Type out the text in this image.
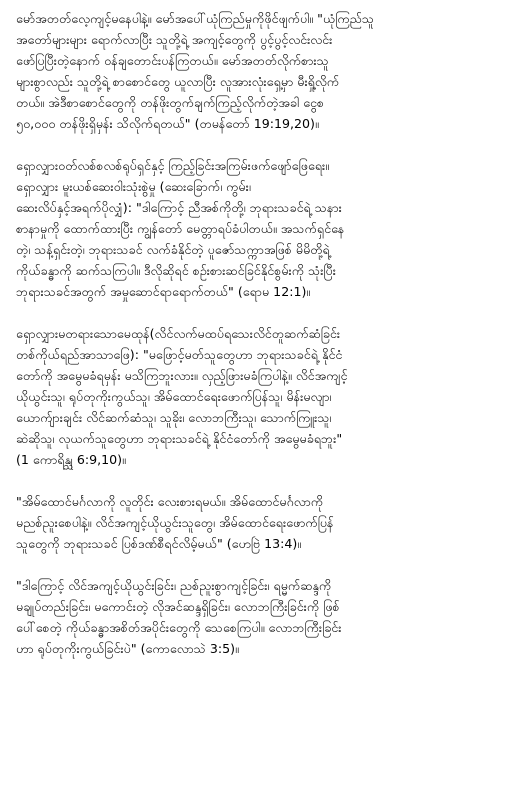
မော်အတတ်လေ့ကျင့်မနေပါနဲ့။ မော်အပေါ်ယုံကြည်မှုကိုဖိုင်ဖျက်ပါ။ "ယုံကြည်သူ
အတော်များများ ရောက်လာပြီး သူတို့ရဲ့ အကျင့်တွေကို ပွင့်ပွင့်လင်းလင်း
ဖော်ပြပြီးတဲ့နောက် ဝန်ချတောင်းပန်ကြတယ်။ မော်အတတ်လိုက်စားသူ
များစွာလည်း သူတို့ရဲ့ စာစောင်တွေ ယူလာပြီး လူအားလုံးရှေ့မှာ မီးရှို့လိုက်
တယ်။ အဲဒီစာစောင်တွေကို တန်ဖိုးတွက်ချက်ကြည့်လိုက်တဲ့အခါ ငွေစ
၅၀,၀၀၀ တန်ဖိုးရှိမှန်း သိလိုက်ရတယ်" (တမန်တော် 19:19,20)။

ရှောလျှားဝတ်လစ်စလစ်ရုပ်ရှင်နှင့် ကြည့်ခြင်းအကြမ်းဖက်ဖျော်ဖြေရေး။
ရှောလျှား မူးယစ်ဆေးဝါးသုံးစွဲမှု (ဆေးခြောက်၊ ကွမ်း၊
ဆေးလိပ်နှင့်အရက်ပိုလျှံ): "ဒါကြောင့် ညီအစ်ကိုတို့၊ ဘုရားသခင်ရဲ့ သနား
စာနာမှုကို ထောက်ထားပြီး ကျွန်တော် မေတ္တာရပ်ခံပါတယ်။ အသက်ရှင်နေ
တဲ့၊ သန့်ရှင်းတဲ့၊ ဘုရားသခင် လက်ခံနိုင်တဲ့ ပူဇော်သက္ကာအဖြစ် မိမိတို့ရဲ့
ကိုယ်ခန္ဓာကို ဆက်သကြပါ။ ဒီလိုဆိုရင် စဉ်းစားဆင်ခြင်နိုင်စွမ်းကို သုံးပြီး
ဘုရားသခင်အတွက် အမှုဆောင်ရာရောက်တယ်" (ရောမ 12:1)။

ရှောလျှားမတရားသောမေထုန်(လိင်လက်မထပ်ရသေးလိင်တူဆက်ဆံခြင်း
တစ်ကိုယ်ရည်အာသာဖြေ): "မဖြောင့်မတ်သူတွေဟာ ဘုရားသခင်ရဲ့ နိုင်ငံ
တော်ကို အမွေမခံရမှန်း မသိကြဘူးလား။ လှည့်ဖြားမခံကြပါနဲ့။ လိင်အကျင့်
ယိုယွင်းသူ၊ ရုပ်တုကိုးကွယ်သူ၊ အိမ်ထောင်ရေးဖောက်ပြန်သူ၊ မိန်းမလျာ၊
ယောက်ျားချင်း လိင်ဆက်ဆံသူ၊ သူခိုး၊ လောဘကြီးသူ၊ သောက်ကြူးသူ၊
ဆဲဆိုသူ၊ လုယက်သူတွေဟာ ဘုရားသခင်ရဲ့ နိုင်ငံတော်ကို အမွေမခံရဘူး"
(1 ကောရိန္သု 6:9,10)။

"အိမ်ထောင်မင်္ဂလာကို လူတိုင်း လေးစားရမယ်။ အိမ်ထောင်မင်္ဂလာကို
မညစ်ညူးစေပါနဲ့။ လိင်အကျင့်ယိုယွင်းသူတွေ၊ အိမ်ထောင်ရေးဖောက်ပြန်
သူတွေကို ဘုရားသခင် ပြစ်ဒဏ်စီရင်လိမ့်မယ်" (ဟေဗြဲ 13:4)။

"ဒါကြောင့် လိင်အကျင့်ယိုယွင်းခြင်း၊ ညစ်ညူးစွာကျင့်ခြင်း၊ ရမ္မက်ဆန္ဒကို
မချုပ်တည်းခြင်း၊ မကောင်းတဲ့ လိုအင်ဆန္ဒရှိခြင်း၊ လောဘကြီးခြင်းကို ဖြစ်
ပေါ်စေတဲ့ ကိုယ်ခန္ဓာအစိတ်အပိုင်းတွေကို သေစေကြပါ။ လောဘကြီးခြင်း
ဟာ ရုပ်တုကိုးကွယ်ခြင်းပဲ" (ကောလောသဲ 3:5)။
